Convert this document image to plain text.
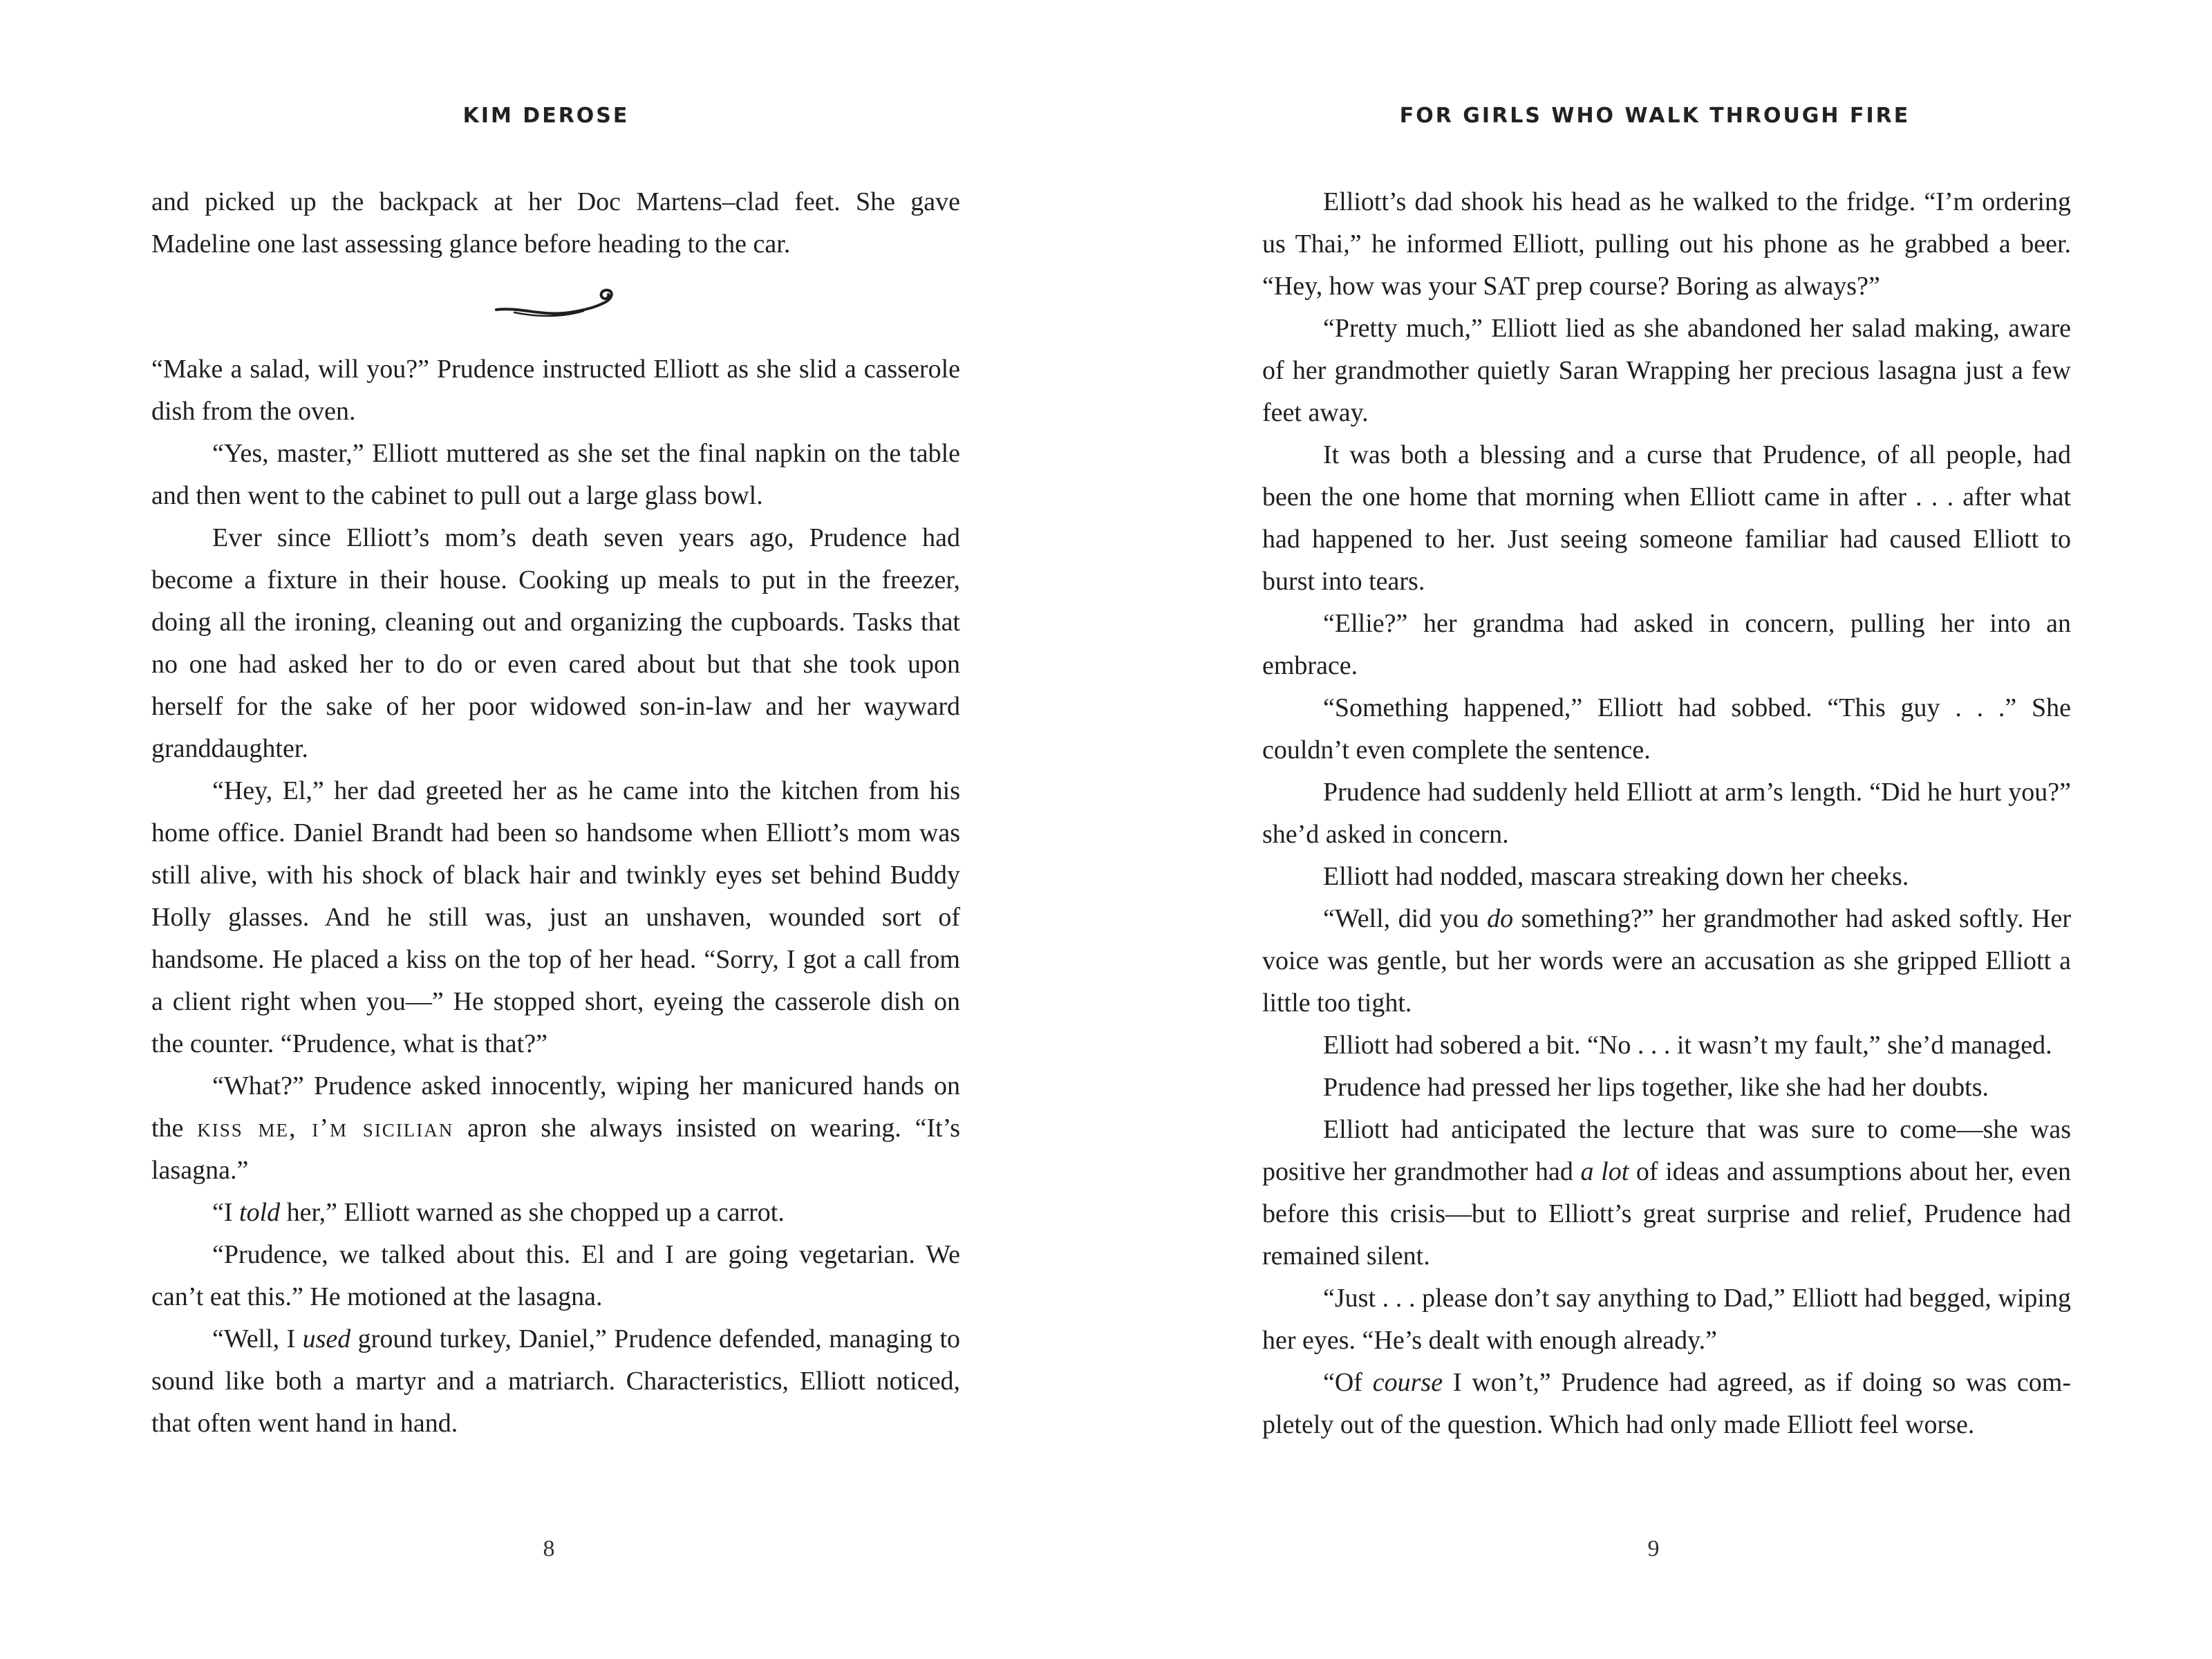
KIM DEROSE

and picked up the backpack at her Doc Martens–clad feet. She gave Madeline one last assessing glance before heading to the car.

“Make a salad, will you?” Prudence instructed Elliott as she slid a casserole dish from the oven.

“Yes, master,” Elliott muttered as she set the final napkin on the table and then went to the cabinet to pull out a large glass bowl.

Ever since Elliott’s mom’s death seven years ago, Prudence had become a fixture in their house. Cooking up meals to put in the freezer, doing all the ironing, cleaning out and organizing the cupboards. Tasks that no one had asked her to do or even cared about but that she took upon herself for the sake of her poor widowed son-in-law and her wayward granddaughter.

“Hey, El,” her dad greeted her as he came into the kitchen from his home office. Daniel Brandt had been so handsome when Elliott’s mom was still alive, with his shock of black hair and twinkly eyes set behind Buddy Holly glasses. And he still was, just an unshaven, wounded sort of handsome. He placed a kiss on the top of her head. “Sorry, I got a call from a client right when you—” He stopped short, eyeing the casserole dish on the counter. “Prudence, what is that?”

“What?” Prudence asked innocently, wiping her manicured hands on the kiss me, i’m sicilian apron she always insisted on wearing. “It’s lasagna.”

“I told her,” Elliott warned as she chopped up a carrot.

“Prudence, we talked about this. El and I are going vegetarian. We can’t eat this.” He motioned at the lasagna.

“Well, I used ground turkey, Daniel,” Prudence defended, managing to sound like both a martyr and a matriarch. Characteristics, Elliott noticed, that often went hand in hand.

8
FOR GIRLS WHO WALK THROUGH FIRE

Elliott’s dad shook his head as he walked to the fridge. “I’m ordering us Thai,” he informed Elliott, pulling out his phone as he grabbed a beer. “Hey, how was your SAT prep course? Boring as always?”

“Pretty much,” Elliott lied as she abandoned her salad making, aware of her grandmother quietly Saran Wrapping her precious lasagna just a few feet away.

It was both a blessing and a curse that Prudence, of all people, had been the one home that morning when Elliott came in after . . . after what had happened to her. Just seeing someone familiar had caused Elliott to burst into tears.

“Ellie?” her grandma had asked in concern, pulling her into an embrace.

“Something happened,” Elliott had sobbed. “This guy . . .” She couldn’t even complete the sentence.

Prudence had suddenly held Elliott at arm’s length. “Did he hurt you?” she’d asked in concern.

Elliott had nodded, mascara streaking down her cheeks.

“Well, did you do something?” her grandmother had asked softly. Her voice was gentle, but her words were an accusation as she gripped Elliott a little too tight.

Elliott had sobered a bit. “No . . . it wasn’t my fault,” she’d managed.

Prudence had pressed her lips together, like she had her doubts.

Elliott had anticipated the lecture that was sure to come—she was positive her grandmother had a lot of ideas and assumptions about her, even before this crisis—but to Elliott’s great surprise and relief, Prudence had remained silent.

“Just . . . please don’t say anything to Dad,” Elliott had begged, wiping her eyes. “He’s dealt with enough already.”

“Of course I won’t,” Prudence had agreed, as if doing so was completely out of the question. Which had only made Elliott feel worse.

9
